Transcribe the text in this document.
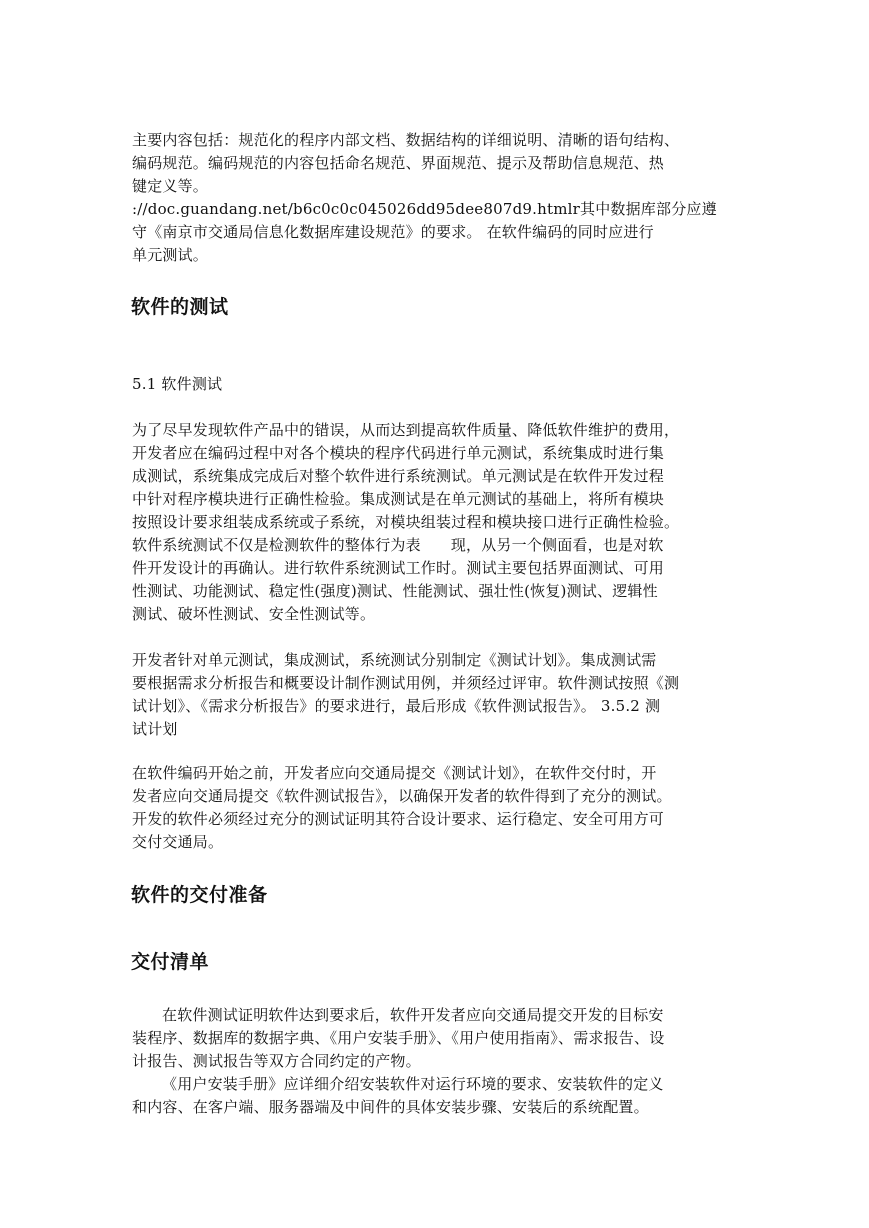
主要内容包括：规范化的程序内部文档、数据结构的详细说明、清晰的语句结构、
编码规范。编码规范的内容包括命名规范、界面规范、提示及帮助信息规范、热
键定义等。
://doc.guandang.net/b6c0c0c045026dd95dee807d9.htmlr其中数据库部分应遵
守《南京市交通局信息化数据库建设规范》的要求。 在软件编码的同时应进行
单元测试。
软件的测试
5.1 软件测试
为了尽早发现软件产品中的错误，从而达到提高软件质量、降低软件维护的费用，
开发者应在编码过程中对各个模块的程序代码进行单元测试，系统集成时进行集
成测试，系统集成完成后对整个软件进行系统测试。单元测试是在软件开发过程
中针对程序模块进行正确性检验。集成测试是在单元测试的基础上，将所有模块
按照设计要求组装成系统或子系统，对模块组装过程和模块接口进行正确性检验。
软件系统测试不仅是检测软件的整体行为表 现，从另一个侧面看，也是对软
件开发设计的再确认。进行软件系统测试工作时。测试主要包括界面测试、可用
性测试、功能测试、稳定性(强度)测试、性能测试、强壮性(恢复)测试、逻辑性
测试、破坏性测试、安全性测试等。
开发者针对单元测试，集成测试，系统测试分别制定《测试计划》。集成测试需
要根据需求分析报告和概要设计制作测试用例，并须经过评审。软件测试按照《测
试计划》、《需求分析报告》的要求进行，最后形成《软件测试报告》。 3.5.2 测
试计划
在软件编码开始之前，开发者应向交通局提交《测试计划》，在软件交付时，开
发者应向交通局提交《软件测试报告》，以确保开发者的软件得到了充分的测试。
开发的软件必须经过充分的测试证明其符合设计要求、运行稳定、安全可用方可
交付交通局。
软件的交付准备
交付清单
在软件测试证明软件达到要求后，软件开发者应向交通局提交开发的目标安
装程序、数据库的数据字典、《用户安装手册》、《用户使用指南》、需求报告、设
计报告、测试报告等双方合同约定的产物。
《用户安装手册》应详细介绍安装软件对运行环境的要求、安装软件的定义
和内容、在客户端、服务器端及中间件的具体安装步骤、安装后的系统配置。
